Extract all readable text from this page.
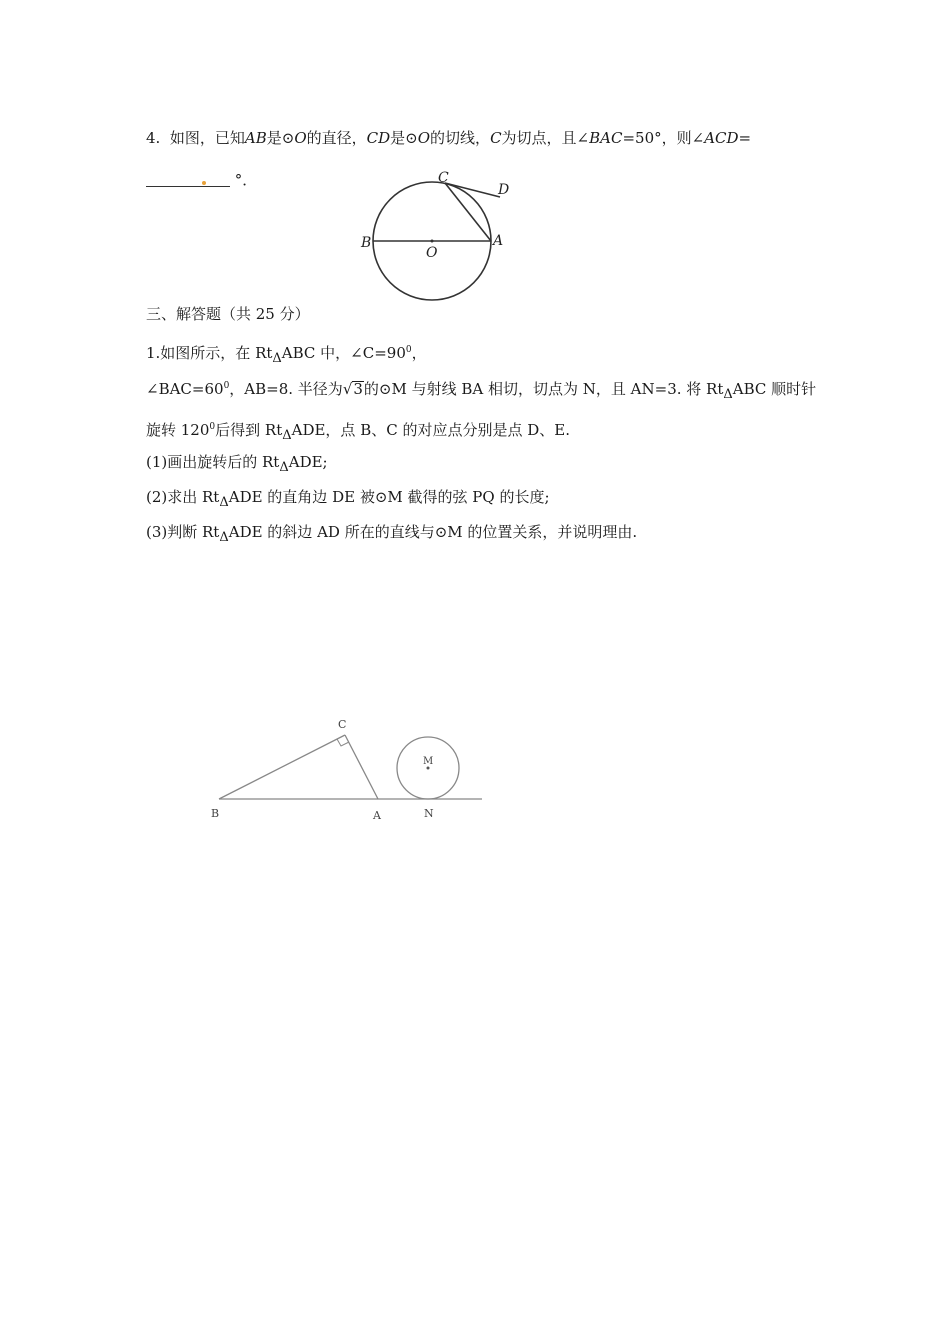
4. 如图，已知AB是⊙O的直径，CD是⊙O的切线，C为切点，且∠BAC=50°，则∠ACD=
°．	C
D
B
O
A
三、解答题（共 25 分）
1.如图所示，在 RtΔABC 中，$\angle C=90^0$，
$\angle BAC=60^0$，AB=8. 半径为√3的⊙M 与射线 BA 相切，切点为 N，且 AN=3. 将 RtΔABC 顺时针
旋转 $120^0$后得到 RtΔADE，点 B、C 的对应点分别是点 D、E.
(1)画出旋转后的 RtΔADE;
(2)求出 RtΔADE 的直角边 DE 被⊙M 截得的弦 PQ 的长度;
(3)判断 RtΔADE 的斜边 AD 所在的直线与⊙M 的位置关系，并说明理由.
C
M
B	A	N
